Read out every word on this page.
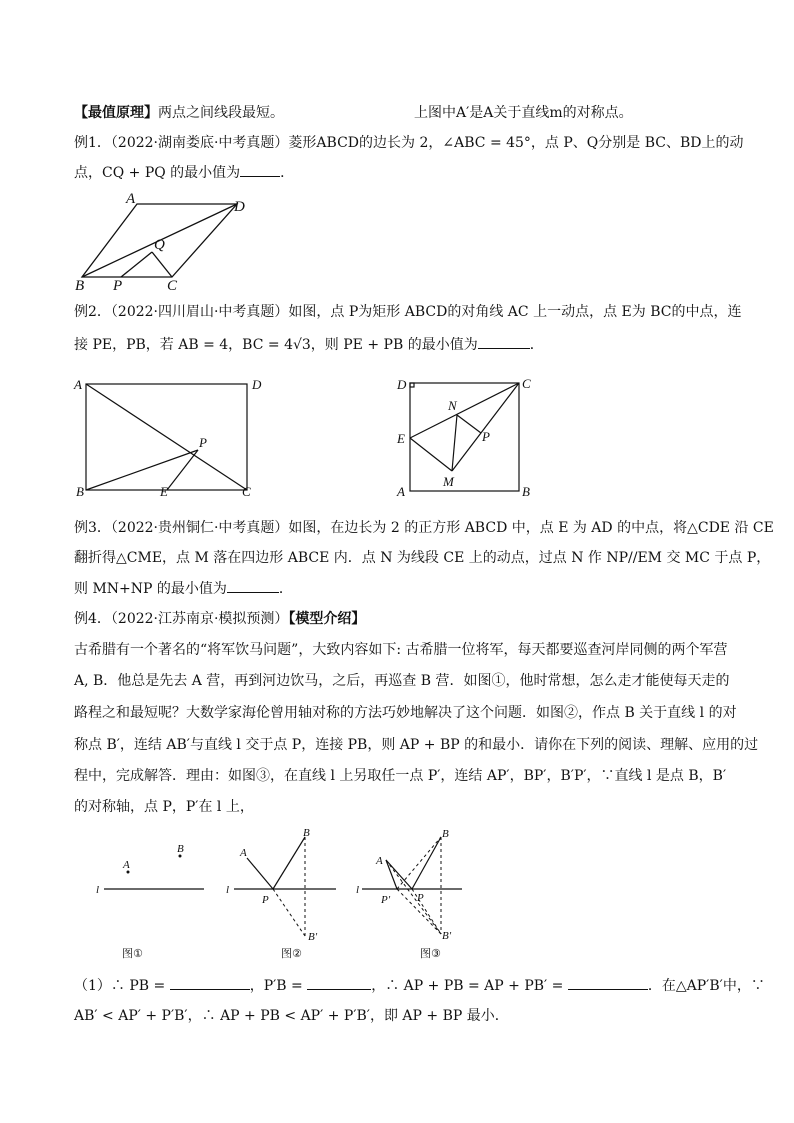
【最值原理】两点之间线段最短。	上图中A′是A关于直线m的对称点。
例1．（2022·湖南娄底·中考真题）菱形ABCD的边长为 2，∠ABC = 45°，点 P、Q分别是 BC、BD上的动
点，CQ + PQ 的最小值为	．
A	D
B P	C
Q
例2．（2022·四川眉山·中考真题）如图，点 P为矩形 ABCD的对角线 AC 上一动点，点 E为 BC的中点，连
接 PE，PB，若 AB = 4，BC = 4√3，则 PE + PB 的最小值为	．
A	D
B	E	C
P
D	C
E
N
P
M
A	B
例3．（2022·贵州铜仁·中考真题）如图，在边长为 2 的正方形 ABCD 中，点 E 为 AD 的中点，将△CDE 沿 CE
翻折得△CME，点 M 落在四边形 ABCE 内．点 N 为线段 CE 上的动点，过点 N 作 NP//EM 交 MC 于点 P，
则 MN+NP 的最小值为	．
例4．（2022·江苏南京·模拟预测）【模型介绍】
古希腊有一个著名的“将军饮马问题”，大致内容如下: 古希腊一位将军，每天都要巡查河岸同侧的两个军营
A, B．他总是先去 A 营，再到河边饮马，之后，再巡查 B 营．如图①，他时常想，怎么走才能使每天走的
路程之和最短呢？大数学家海伦曾用轴对称的方法巧妙地解决了这个问题．如图②，作点 B 关于直线 l 的对
称点 B′，连结 AB′与直线 l 交于点 P，连接 PB，则 AP + BP 的和最小．请你在下列的阅读、理解、应用的过
程中，完成解答．理由：如图③，在直线 l 上另取任一点 P′，连结 AP′，BP′，B′P′，∵直线 l 是点 B，B′
的对称轴，点 P，P′在 l 上，
A
B
l
图①
A
B
l
P
B′
图②
A
B
l
P′ P
B′
图③
（1）∴ PB =	，P′B =	，∴ AP + PB = AP + PB′ =	．在△AP′B′中，∵
AB′ < AP′ + P′B′，∴ AP + PB < AP′ + P′B′，即 AP + BP 最小．
